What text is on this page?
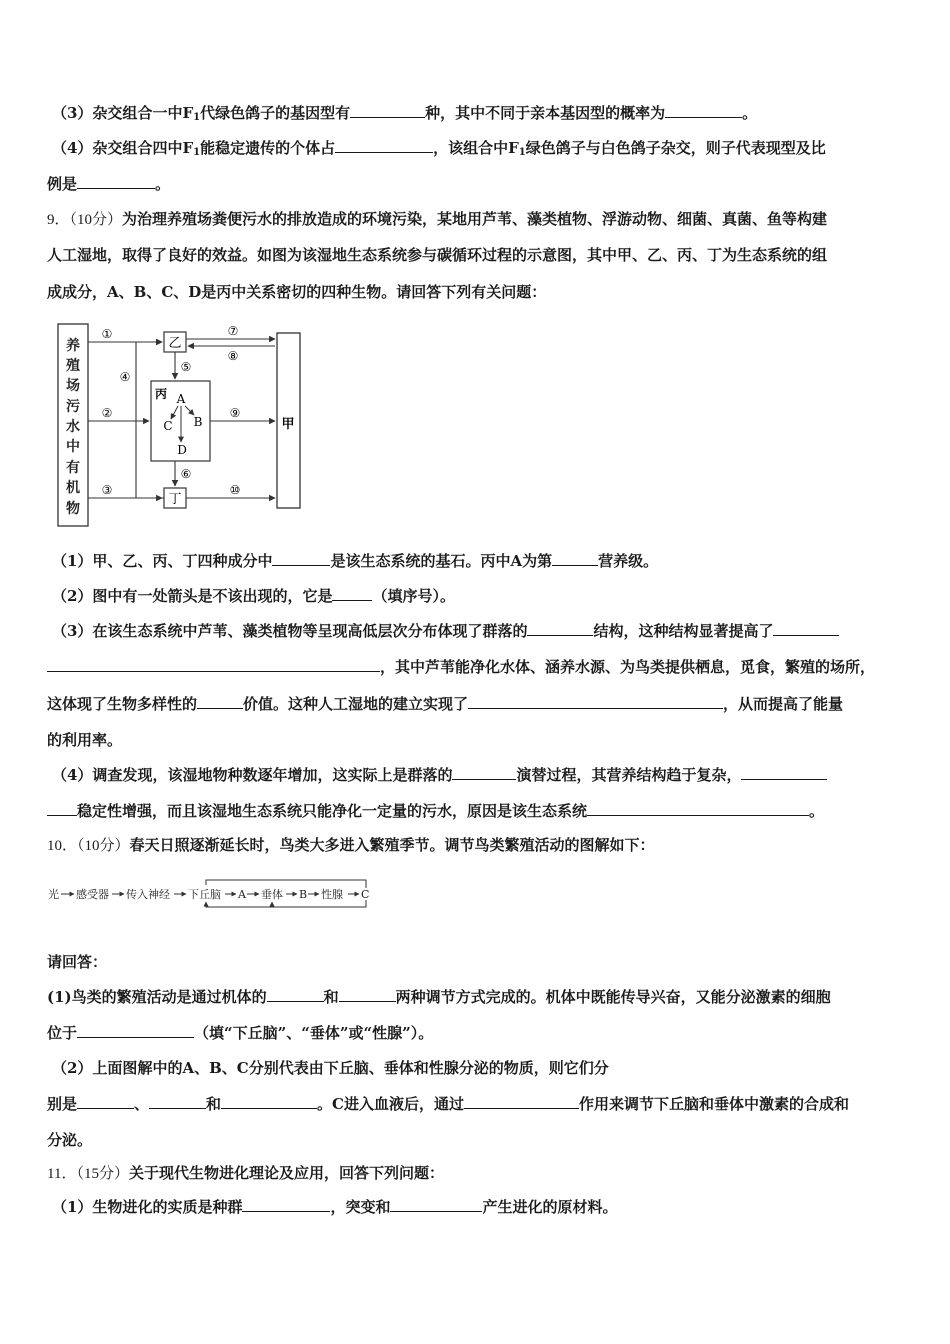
（3）杂交组合一中$F_1$代绿色鸽子的基因型有	种，其中不同于亲本基因型的概率为	。
（4）杂交组合四中$F_1$能稳定遗传的个体占	，该组合中$F_1$绿色鸽子与白色鸽子杂交，则子代表现型及比
例是	。
9．（10分）为治理养殖场粪便污水的排放造成的环境污染，某地用芦苇、藻类植物、浮游动物、细菌、真菌、鱼等构建
人工湿地，取得了良好的效益。如图为该湿地生态系统参与碳循环过程的示意图，其中甲、乙、丙、丁为生态系统的组
成成分，A、B、C、D是丙中关系密切的四种生物。请回答下列有关问题：
养
殖
场
污
水
中
有
机
物
甲
乙
丙 A
C B
D
丁
①
②
③
④
⑤
⑥
⑦
⑧
⑨
⑩
（1）甲、乙、丙、丁四种成分中	是该生态系统的基石。丙中A为第	营养级。
（2）图中有一处箭头是不该出现的，它是	（填序号）。
（3）在该生态系统中芦苇、藻类植物等呈现高低层次分布体现了群落的	结构，这种结构显著提高了
，其中芦苇能净化水体、涵养水源、为鸟类提供栖息，觅食，繁殖的场所，
这体现了生物多样性的	价值。这种人工湿地的建立实现了	，从而提高了能量
的利用率。
（4）调查发现，该湿地物种数逐年增加，这实际上是群落的	演替过程，其营养结构趋于复杂，
稳定性增强，而且该湿地生态系统只能净化一定量的污水，原因是该生态系统	。
10．（10分）春天日照逐渐延长时，鸟类大多进入繁殖季节。调节鸟类繁殖活动的图解如下：
光 感受器 传入神经 下丘脑 A 垂体 B 性腺 C
请回答：
(1)鸟类的繁殖活动是通过机体的	和	两种调节方式完成的。机体中既能传导兴奋，又能分泌激素的细胞
位于	（填“下丘脑”、“垂体”或“性腺”）。
（2）上面图解中的A、B、C分别代表由下丘脑、垂体和性腺分泌的物质，则它们分
别是	、	和	。C进入血液后，通过	作用来调节下丘脑和垂体中激素的合成和
分泌。
11．（15分）关于现代生物进化理论及应用，回答下列问题：
（1）生物进化的实质是种群	，突变和	产生进化的原材料。
